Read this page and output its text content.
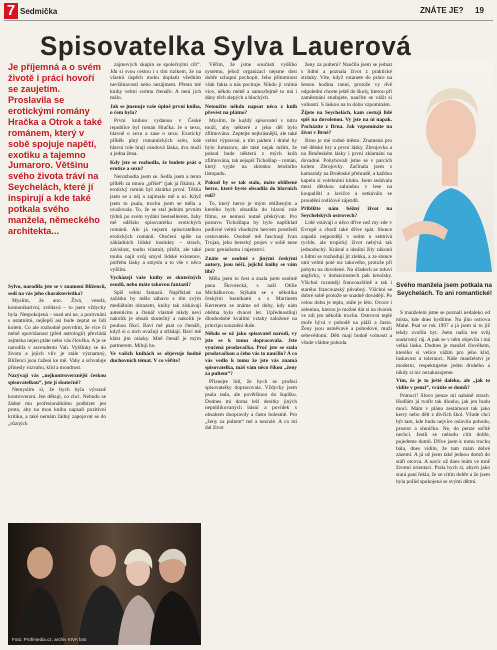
7 Sedmička	ZNÁTE JE? 19
Spisovatelka Sylva Lauerová
Je příjemná a o svém životě i práci hovoří se zaujetím. Proslavila se erotickými romány Hračka a Otrok a také románem, který v sobě spojuje napětí, exotiku a tajemno Jumaroro. Většinu svého života tráví na Seychelách, které jí inspirují a kde také potkala svého manžela, německého architekta...

Sylvo, narodila jste se v znamení Blíženců, sedí na vás jeho charakteristika?

Myslím, že ano. Živá, veselá, komunikativní, zvědavá – to jsem vždycky byla. Nespokojená – snad ani ne, a porovnání s ostatními, nejlepší asi bude zeptat se lidí kolem. Co ale rozhodně potvrdím, že více či méně upovídanost (před astrologií) převládá zejména nejen ptáte nebo vás člověka. A je se narodila v ascendentu Vah. Vyššinky se do života a jejich vlív je stále významný, Blíženci jsou ťaženi ke mě. Vahy a schvaluje přinesly rozvahu, klid a moudrost.

Nazývají vás „nejkontroverznější českou spisovatelkou“, jste jí skutečně?

Nemyslím si, že bych byla výrazně kontroverzní. Jen děkuji, co chci. Nebudu se žádné mu profesionálnímu podbízet jen proto, aby na mou knihu napsali pozitivní kritiku, a také nemám žádný zapojovat se do „různých

zájmových skupin se společnými cíli“. Jdu si svou cestou i s tím rizikem, že na vlastní úspěch mohu doplatit všedním nevšímavostí nebo nezájmem. Přesto mé knihy velmi svému čtenáře. A není jich málo.

Jak se jmenuje vaše úplně první kniha, o čem byla?

První knihou vydanou v České republice byl román Hračka. Je o sexu, hlavně o sexu a zase o sexu. Exotický příběh plný romantických scén, kde hlavní role hrají osudová láska, dva muži a jedna žena.

Kdy jste se rozhodla, že budete psát o erotice a sexu?

Nerozhodla jsem se. Sedla jsem a tento příběh za mnou „přišel“ (jak já říkám). A erotický román byl zkrátka první. Těšila jsem se z něj a zajímalo mě u ní. Když jsem to psala, trochu jsem se měla a uvažovala. To, že se stal jedním prvním týdnů po svém vydání bestsellerem, žaby mě udělalo spisovatelku erotických románů. Ale já nejsem spisovatelkou erotických románů. Otočení spíše na základních lidské instinkty – strach, závislost, touhu vlastnit, přežít, ale také touhu najít svůj smysl lidské existence, potřebu lásky a smyslu a to vše v něco vyšším.

Vycházejí vaše knihy ze skutečných osudů, nebo máte takovou fantazii?

Spíš velmi fantazii. Například na začátku by měla zábavu s tím svým mediálním obrazem, knihy tak získávají autenticitu a čtenář vlastně nikdy neví nakolik je obsah skutečný a nakolik je pouhou fikcí. Baví mě psát co čtenáři, když si o nich uvažují a střádají. Baví mě klást jim otázky. Mně čtenář je mým partnerem. Miluji ho.

Ve vašich knihách se objevuje hodně duchovních témat. V co věříte?

Věřím, že jsme součástí vyššího systému, jehož organizací nejsme dost dobře schopni pochopit. Jeho přítomnost však fakta a nás pocituje. Nikdo jí vnímá více, někdo méně a samozřejmě to má i dány těch slepých a hluchých.

Netoužíte někdo napsat něco z knih převést na plátno?

Myslím, že každý spisovatel v nitru touží, aby některé z jeho děl bylo zfilmováno. Zeptejte nejkrásnější, ale také velmi výpravné, a tím pádem i drahé by bylo Jumaroro, ale také nejak tušim, že pokud bude některá z mých knih zfilmována, tak nejspíš Tichošlap – román, který vyjde na sklonku letošního listopadu.

Pokud by se tak stalo, máte oblíbené herce, které byste obsadila do hlavních rolí?

To, který herce je mým oblíbeným a kterého bych obsadila do hlavní role filmu, se nemusí nutně překrývat. Pro postavu Tichošlapa by bylo například podivné velmi vhodným hercem prostředí cestovatele. Osobně mě fascinují Ivan Trojan, jeho herecký projev v sobě nese punc genialismu i tajemství.

Znáte se osobně s jinými českými autory, jsou něčí, jejichž knihy se vám líbí?

Měla jsem to čest a znala jsem osobně pana Škvorecká, s naší Otilie Michálkovou. Stýkám se s několika českými basníkami a s Martinem Kerrenem se známe od doby, kdy nám oběma bylo dvacet let. Upřednostňuji dlouhodobé kvalitní vztahy založené na principu souznění duše.

Někdo se už jako spisovatel narodí, vy jste se k tomu dopracovala. Jste vyučená prodavačka. Proč jste se stala prodavačkou a čeho vás to naučilo? A co vás vedlo k tomu že jste vás znamá spisovatelka, máš vám něco říkou „ženy za pultem“?

Přiznejte lidi, že bych se profesi spisovatelky dopracovala. Vždycky jsem psala rada, ale povětšinou do šuplíku. Dodnes mi doma leží desítky jiných nepublikovaných básní a povídek s obsahem doopravdy a často bolestně. Pro „ženy za pultem“ mé a nezralé. A co mi dal život

ženy za pultem? Naučila jsem se jednat s lidmi a poznala život z praktické stránky. Víte, když vstanete do práce na šestou hodinu ranní, protože vy dvě odpolední chcete ještě do školy, kterou při zaměstnání studujete, naučíte se vážit si volnosti. S láskou na tu dobu vzpomínám.

Žijete na Seychelách, kam cestují lidé spíš na dovolenou. Vy jste na ni napak. Pocházíte z Brna. Jak vzpomínáte na život v Brně?

Brno je mé rodné město. Znamená pro mě dětské hry a první lásky. Zbrojovka a na Brněnském lásky i první zklamání na dovadné. Pohybovali jsme se v parcích kolem Zbrojovky. Začínala jsem s kamarády na Brněnské přehradě, a každou kapelu si volebními klubu. Jsem sedávala mezi dětskou zahradou v lese na koupališti a lavičce a setkáválo se proudění rodičové zájezdů.

Přibližte nám běžný život na Seychelských ostrovech?

Lidé vstávají o něco dříve než my zde v Evropě a chodí také dříve spát. Slunce zapadá nejpozději v sedm a setmívá rychle, ale tropický život nebývá tak jednoduchý. Krásné a ideální žily zákonů s lidmi se rozhodují jít zlehka, a ze slunce umí velmi poté nic takového, protože při pobytu na dovolené. Na úřadech se mluví anglicky, v domácnostech pak kreolsky. Všichni rozumějí francouzštině a tak i starého francouzský půvabný. Všichni se dobré sobě protože se snadně dovádějí. Po celou dobu je teplo, stále je léto. Ovoce i zeleninu, kterou je možné dát si na dvorek ve zdi jen několik trochu. Ostrovní teplé moře bývá v pohodě na pláži a často. Ženy jsou usměvavé a pohodové, muži sebevědomí. Děti mají hodně volnosti a všude vládne pohoda.

S manželem jsme se poznali nedaleko od místa, kde dnes bydlíme. Na jiho ostrova Mahé. Psal se rok 1997 a já jsem si tu již tehdy zvolila byt. Jsem našla ten svůj soukromý ráj. A pak se v něm objevila i má velká láska. Dodnes je manžel člověkem, kterého si velice vážím pro jeho klid, laskavost a toleranci. Náše manželství je moderní, respektujeme jeden druhého a nikdy si nic nezakazujeme.

Vím, že je to ještě daleko, ale „jak to vidíte v penzi“, vrátíte se domů?

Pomocí! Slovo penze mi naháně strach. Hodlám já tvořit tak dlouho, jak jen budu moci. Mám v plánu zestárnout tak jako kerry nebo děti z dívčích škol. Všude chci být tam, kde budu nejvíce oslavila pohodu, prostor a sluníčko. Ne, do penze určitě nechci. Jestli se nebudu cítit dobře, pojedeme domů. Dříve jsem k tomu trochu bála, dnes vidím, že tam mám dobré zázemí. A já už jsem také jednou domů do stáří otcova. A navíc už dnes mám ve mně životní orientaci. Prala bych si, abych jako stará paní řekla, že se cítím dobře a že jsem byla pořád spokojená se svými dětmi.

Svého manžela jsem potkala na Seychelách. To ani romantické!
Foto: Profimedia.cz, archiv KIVA foto
